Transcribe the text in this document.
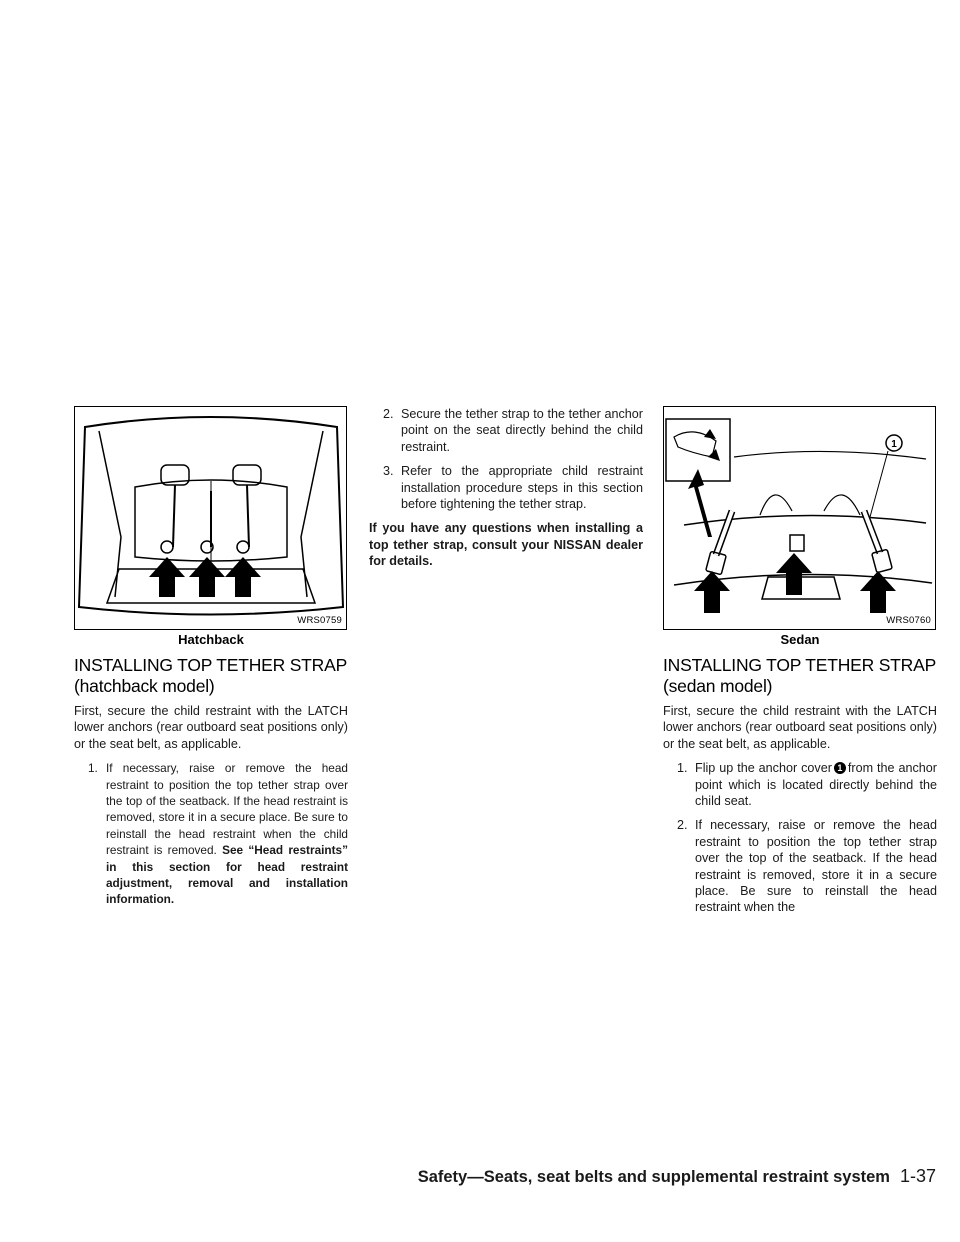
WRS0759
Hatchback
INSTALLING TOP TETHER STRAP
(hatchback model)

First, secure the child restraint with the LATCH lower anchors (rear outboard seat positions only) or the seat belt, as applicable.

1. If necessary, raise or remove the head restraint to position the top tether strap over the top of the seatback. If the head restraint is removed, store it in a secure place. Be sure to reinstall the head restraint when the child restraint is removed. See “Head restraints” in this section for head restraint adjustment, removal and installation information.
2. Secure the tether strap to the tether anchor point on the seat directly behind the child restraint.
3. Refer to the appropriate child restraint installation procedure steps in this section before tightening the tether strap.

If you have any questions when installing a top tether strap, consult your NISSAN dealer for details.

1
WRS0760
Sedan
INSTALLING TOP TETHER STRAP
(sedan model)

First, secure the child restraint with the LATCH lower anchors (rear outboard seat positions only) or the seat belt, as applicable.

1. Flip up the anchor cover 1 from the anchor point which is located directly behind the child seat.
2. If necessary, raise or remove the head restraint to position the top tether strap over the top of the seatback. If the head restraint is removed, store it in a secure place. Be sure to reinstall the head restraint when the
Safety—Seats, seat belts and supplemental restraint system 1-37
